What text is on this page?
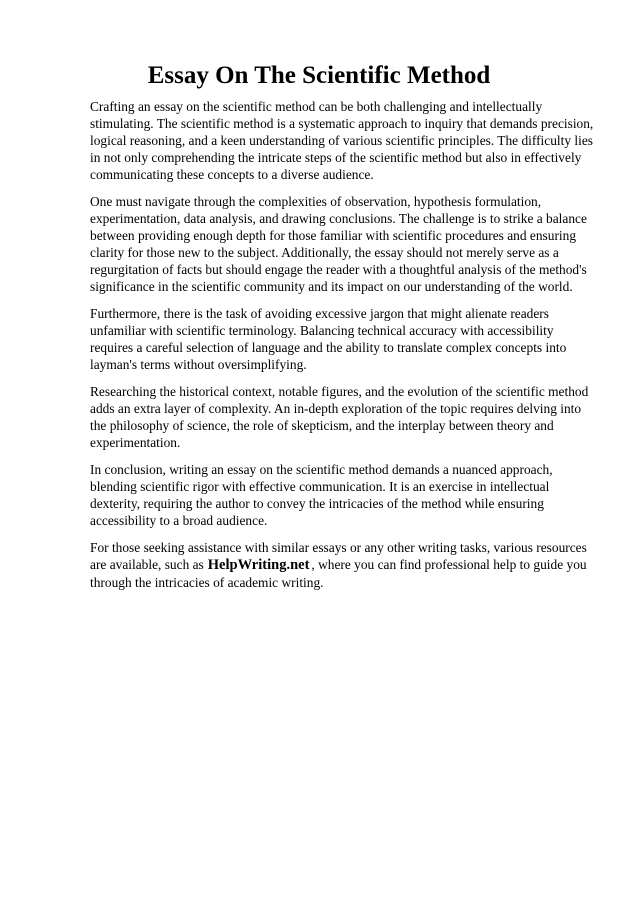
Essay On The Scientific Method

Crafting an essay on the scientific method can be both challenging and intellectually stimulating. The scientific method is a systematic approach to inquiry that demands precision, logical reasoning, and a keen understanding of various scientific principles. The difficulty lies in not only comprehending the intricate steps of the scientific method but also in effectively communicating these concepts to a diverse audience.

One must navigate through the complexities of observation, hypothesis formulation, experimentation, data analysis, and drawing conclusions. The challenge is to strike a balance between providing enough depth for those familiar with scientific procedures and ensuring clarity for those new to the subject. Additionally, the essay should not merely serve as a regurgitation of facts but should engage the reader with a thoughtful analysis of the method's significance in the scientific community and its impact on our understanding of the world.

Furthermore, there is the task of avoiding excessive jargon that might alienate readers unfamiliar with scientific terminology. Balancing technical accuracy with accessibility requires a careful selection of language and the ability to translate complex concepts into layman's terms without oversimplifying.

Researching the historical context, notable figures, and the evolution of the scientific method adds an extra layer of complexity. An in-depth exploration of the topic requires delving into the philosophy of science, the role of skepticism, and the interplay between theory and experimentation.

In conclusion, writing an essay on the scientific method demands a nuanced approach, blending scientific rigor with effective communication. It is an exercise in intellectual dexterity, requiring the author to convey the intricacies of the method while ensuring accessibility to a broad audience.

For those seeking assistance with similar essays or any other writing tasks, various resources are available, such as HelpWriting.net , where you can find professional help to guide you through the intricacies of academic writing.
